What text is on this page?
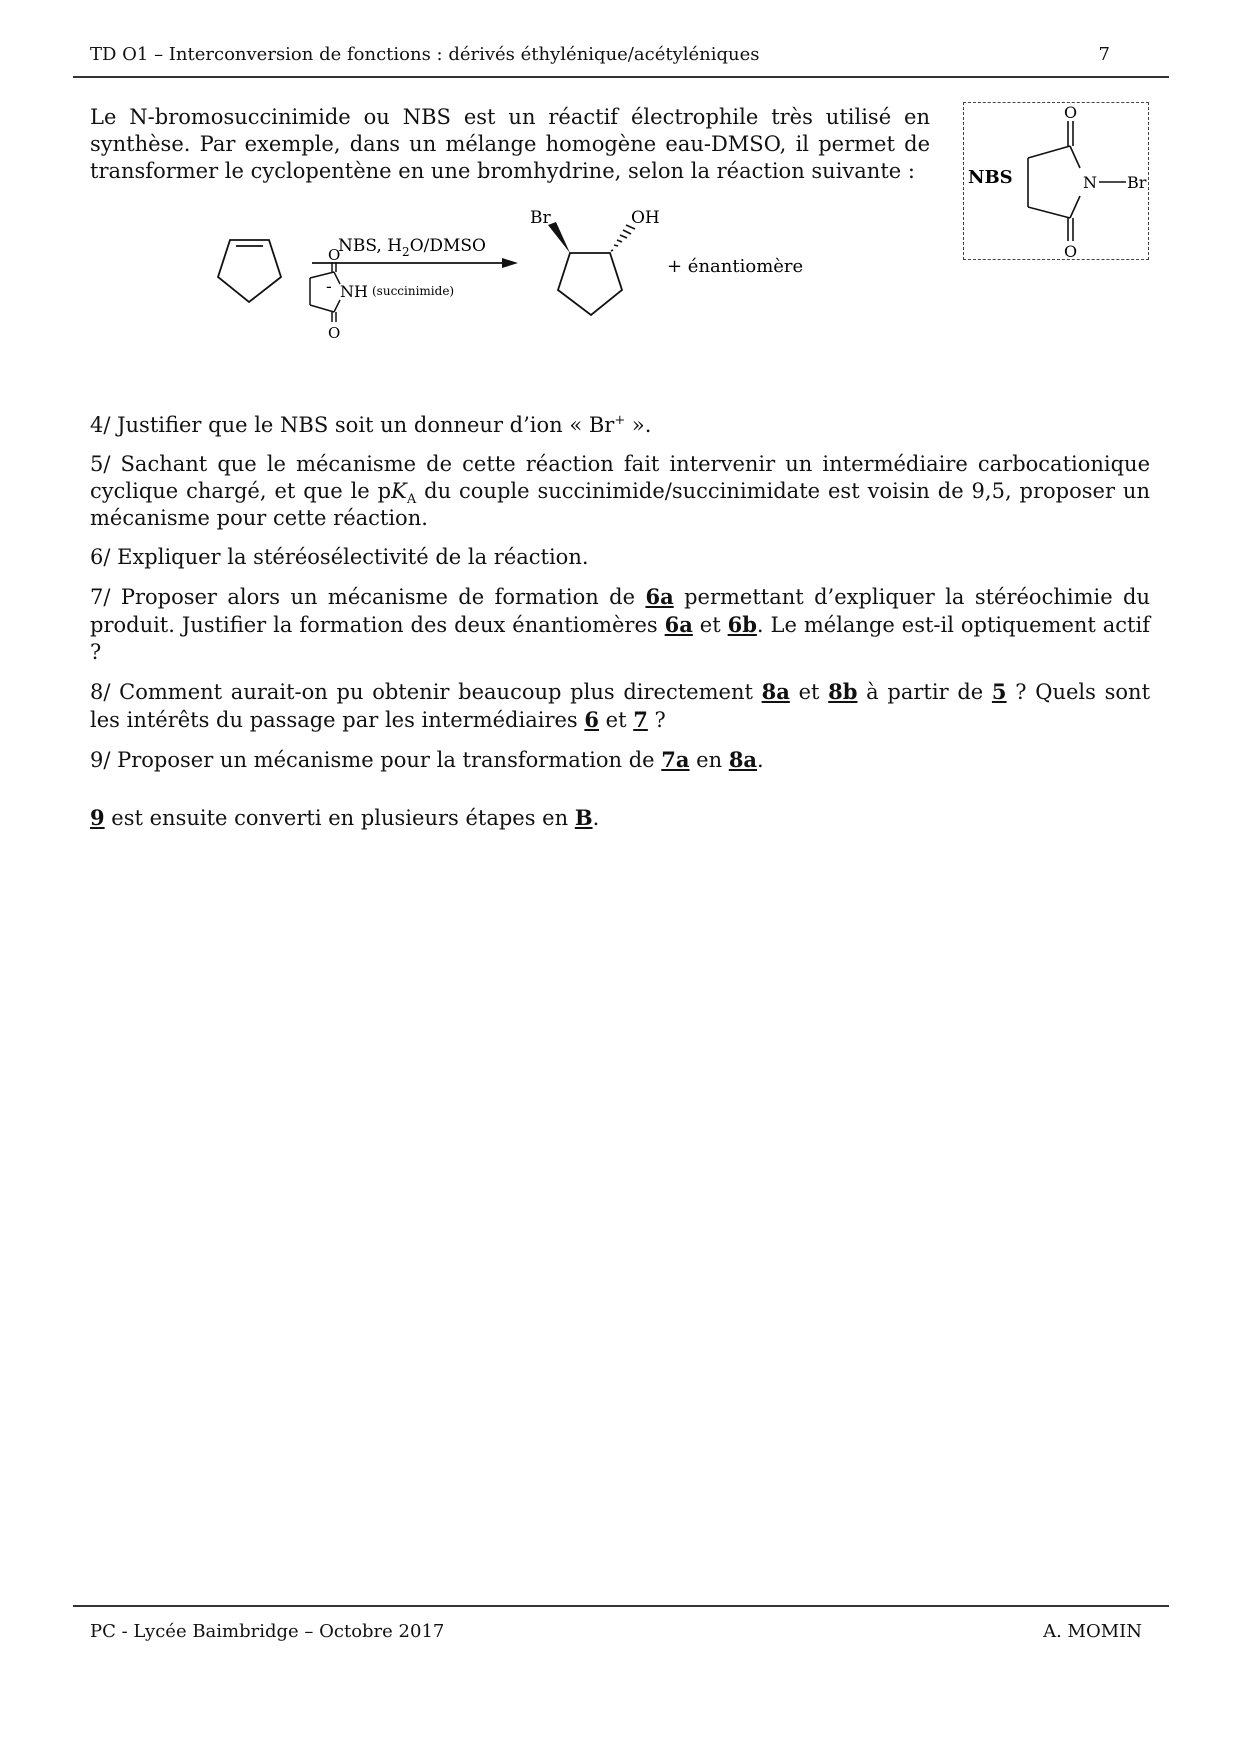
TD O1 – Interconversion de fonctions : dérivés éthylénique/acétyléniques	7

Le N-bromosuccinimide ou NBS est un réactif électrophile très utilisé en synthèse. Par exemple, dans un mélange homogène eau-DMSO, il permet de transformer le cyclopentène en une bromhydrine, selon la réaction suivante :	NBS
O
O
N Br
NBS, $H_2O$/DMSO
-
O
O
NH (succinimide)
Br	OH
+ énantiomère

4/ Justifier que le NBS soit un donneur d’ion « Br+ ».

5/ Sachant que le mécanisme de cette réaction fait intervenir un intermédiaire carbocationique cyclique chargé, et que le $pK_A$ du couple succinimide/succinimidate est voisin de 9,5, proposer un mécanisme pour cette réaction.

6/ Expliquer la stéréosélectivité de la réaction.

7/ Proposer alors un mécanisme de formation de 6a permettant d’expliquer la stéréochimie du produit. Justifier la formation des deux énantiomères 6a et 6b. Le mélange est-il optiquement actif ?

8/ Comment aurait-on pu obtenir beaucoup plus directement 8a et 8b à partir de 5 ? Quels sont les intérêts du passage par les intermédiaires 6 et 7 ?

9/ Proposer un mécanisme pour la transformation de 7a en 8a.

9 est ensuite converti en plusieurs étapes en B.

PC - Lycée Baimbridge – Octobre 2017	A. MOMIN
